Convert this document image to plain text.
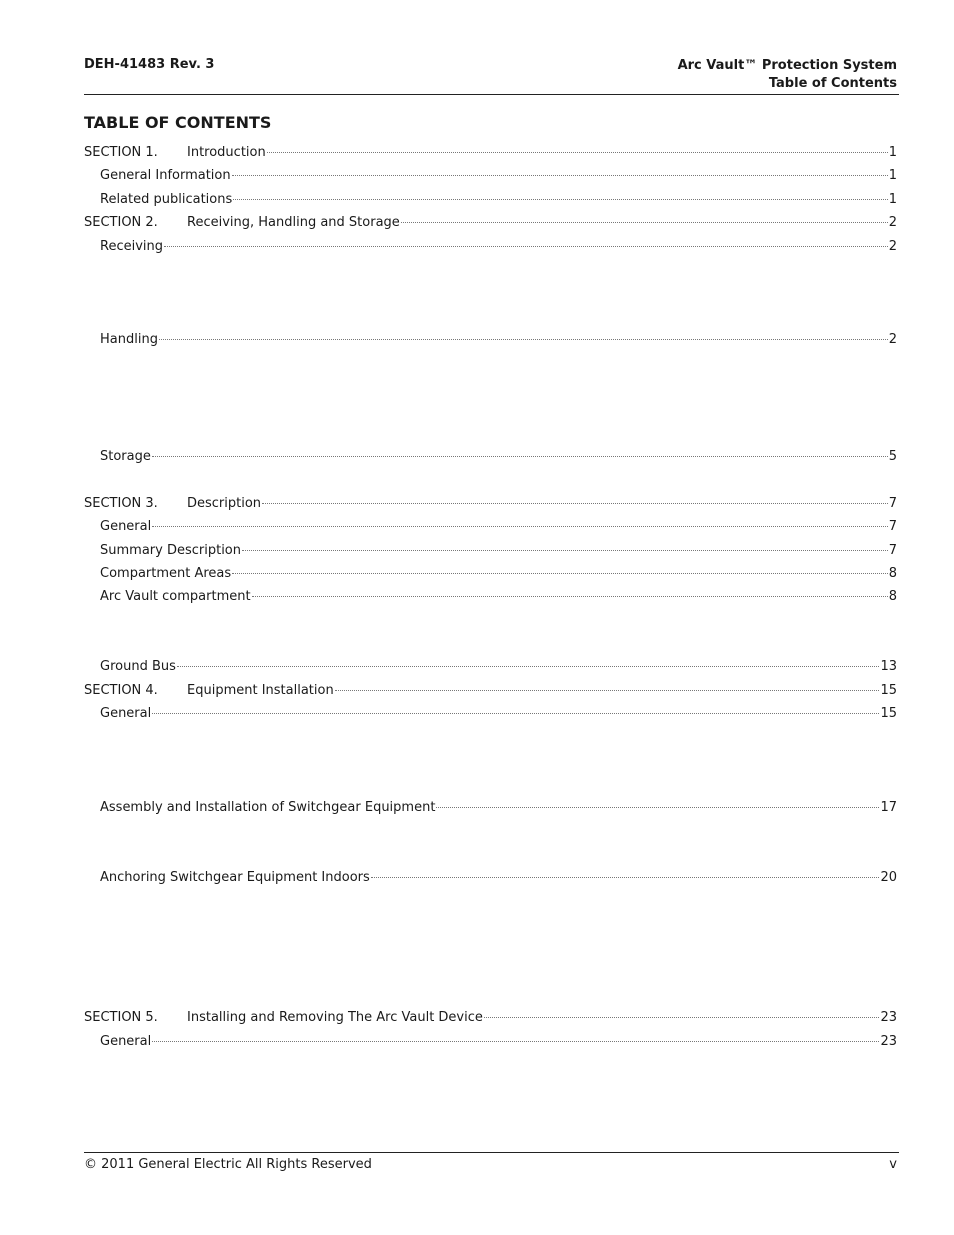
DEH-41483 Rev. 3	Arc Vault™ Protection System
Table of Contents
TABLE OF CONTENTS
SECTION 1. Introduction	1
General Information	1
Related publications	1
SECTION 2. Receiving, Handling and Storage	2
Receiving	2
Handling	2
Storage	5
SECTION 3. Description	7
General	7
Summary Description	7
Compartment Areas	8
Arc Vault compartment	8
Ground Bus	13
SECTION 4. Equipment Installation	15
General	15
Assembly and Installation of Switchgear Equipment	17
Anchoring Switchgear Equipment Indoors	20
SECTION 5. Installing and Removing The Arc Vault Device	23
General	23
© 2011 General Electric All Rights Reserved	v
